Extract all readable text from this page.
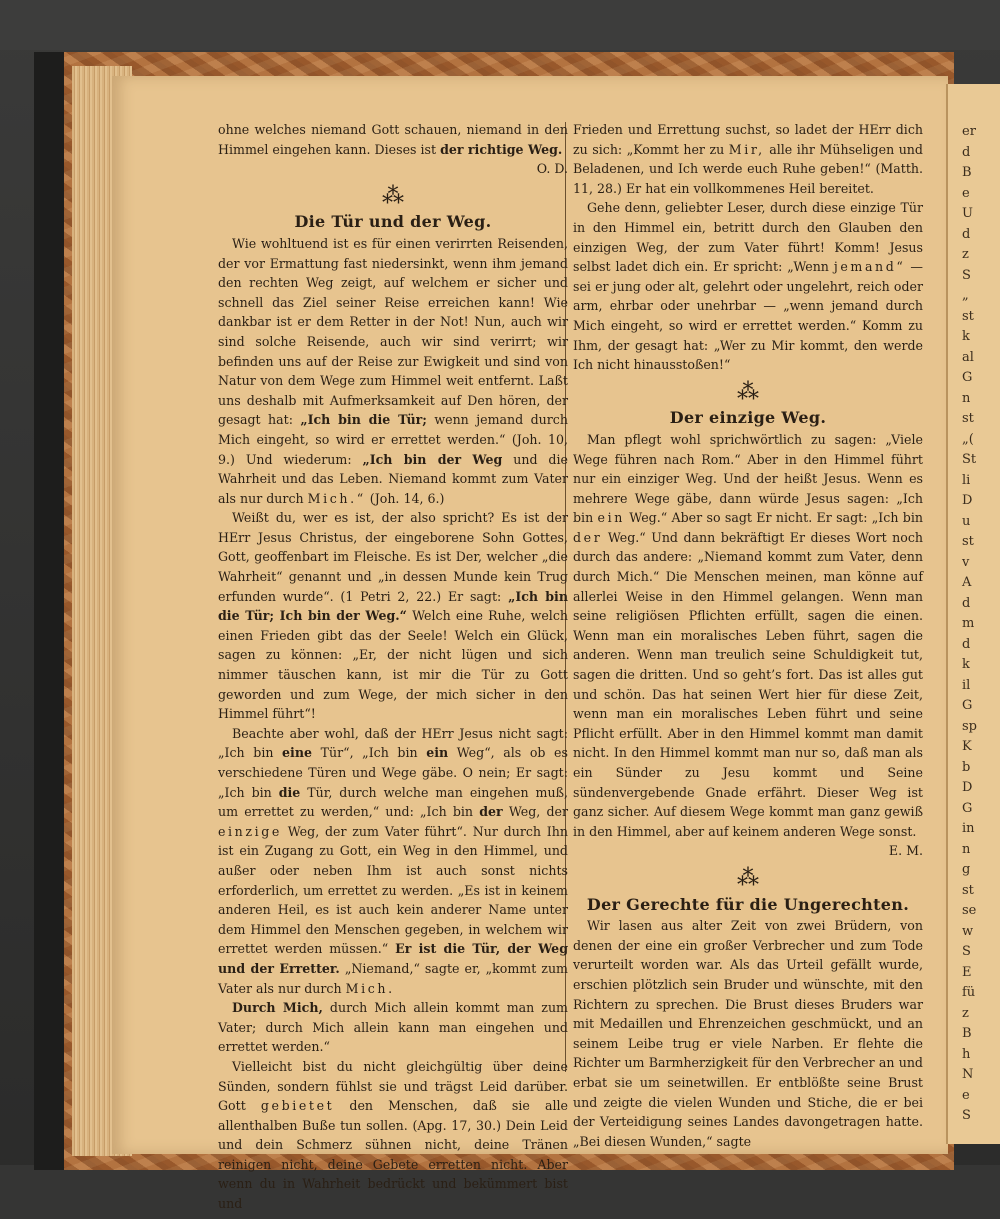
er
d
B
e
U
d
z
S
„
st
k
al
G
n
st
„(
St
li
D
u
st
v
A
d
m
d
k
il
G
sp
K
b
D
G
in
n
g
st
se
w
S
E
fü
z
B
h
N
e
S

ohne welches niemand Gott schauen, niemand in den Himmel eingehen kann. Dieses ist der richtige Weg.

O. D.
⁂
Die Tür und der Weg.

Wie wohltuend ist es für einen verirrten Reisenden, der vor Ermattung fast niedersinkt, wenn ihm jemand den rechten Weg zeigt, auf welchem er sicher und schnell das Ziel seiner Reise erreichen kann! Wie dankbar ist er dem Retter in der Not! Nun, auch wir sind solche Reisende, auch wir sind verirrt; wir befinden uns auf der Reise zur Ewigkeit und sind von Natur von dem Wege zum Himmel weit entfernt. Laßt uns deshalb mit Aufmerksamkeit auf Den hören, der gesagt hat: „Ich bin die Tür; wenn jemand durch Mich eingeht, so wird er errettet werden.“ (Joh. 10, 9.) Und wiederum: „Ich bin der Weg und die Wahrheit und das Leben. Niemand kommt zum Vater als nur durch Mich.“ (Joh. 14, 6.)

Weißt du, wer es ist, der also spricht? Es ist der HErr Jesus Christus, der eingeborene Sohn Gottes, Gott, geoffenbart im Fleische. Es ist Der, welcher „die Wahrheit“ genannt und „in dessen Munde kein Trug erfunden wurde“. (1 Petri 2, 22.) Er sagt: „Ich bin die Tür; Ich bin der Weg.“ Welch eine Ruhe, welch einen Frieden gibt das der Seele! Welch ein Glück, sagen zu können: „Er, der nicht lügen und sich nimmer täuschen kann, ist mir die Tür zu Gott geworden und zum Wege, der mich sicher in den Himmel führt“!

Beachte aber wohl, daß der HErr Jesus nicht sagt: „Ich bin eine Tür“, „Ich bin ein Weg“, als ob es verschiedene Türen und Wege gäbe. O nein; Er sagt: „Ich bin die Tür, durch welche man eingehen muß, um errettet zu werden,“ und: „Ich bin der Weg, der einzige Weg, der zum Vater führt“. Nur durch Ihn ist ein Zugang zu Gott, ein Weg in den Himmel, und außer oder neben Ihm ist auch sonst nichts erforderlich, um errettet zu werden. „Es ist in keinem anderen Heil, es ist auch kein anderer Name unter dem Himmel den Menschen gegeben, in welchem wir errettet werden müssen.“ Er ist die Tür, der Weg und der Erretter. „Niemand,“ sagte er, „kommt zum Vater als nur durch Mich.

Durch Mich, durch Mich allein kommt man zum Vater; durch Mich allein kann man eingehen und errettet werden.“

Vielleicht bist du nicht gleichgültig über deine Sünden, sondern fühlst sie und trägst Leid darüber. Gott gebietet den Menschen, daß sie alle allenthalben Buße tun sollen. (Apg. 17, 30.) Dein Leid und dein Schmerz sühnen nicht, deine Tränen reinigen nicht, deine Gebete erretten nicht. Aber wenn du in Wahrheit bedrückt und bekümmert bist und

Frieden und Errettung suchst, so ladet der HErr dich zu sich: „Kommt her zu Mir, alle ihr Mühseligen und Beladenen, und Ich werde euch Ruhe geben!“ (Matth. 11, 28.) Er hat ein vollkommenes Heil bereitet.

Gehe denn, geliebter Leser, durch diese einzige Tür in den Himmel ein, betritt durch den Glauben den einzigen Weg, der zum Vater führt! Komm! Jesus selbst ladet dich ein. Er spricht: „Wenn jemand“ — sei er jung oder alt, gelehrt oder ungelehrt, reich oder arm, ehrbar oder unehrbar — „wenn jemand durch Mich eingeht, so wird er errettet werden.“ Komm zu Ihm, der gesagt hat: „Wer zu Mir kommt, den werde Ich nicht hinausstoßen!“

⁂
Der einzige Weg.

Man pflegt wohl sprichwörtlich zu sagen: „Viele Wege führen nach Rom.“ Aber in den Himmel führt nur ein einziger Weg. Und der heißt Jesus. Wenn es mehrere Wege gäbe, dann würde Jesus sagen: „Ich bin ein Weg.“ Aber so sagt Er nicht. Er sagt: „Ich bin der Weg.“ Und dann bekräftigt Er dieses Wort noch durch das andere: „Niemand kommt zum Vater, denn durch Mich.“ Die Menschen meinen, man könne auf allerlei Weise in den Himmel gelangen. Wenn man seine religiösen Pflichten erfüllt, sagen die einen. Wenn man ein moralisches Leben führt, sagen die anderen. Wenn man treulich seine Schuldigkeit tut, sagen die dritten. Und so geht’s fort. Das ist alles gut und schön. Das hat seinen Wert hier für diese Zeit, wenn man ein moralisches Leben führt und seine Pflicht erfüllt. Aber in den Himmel kommt man damit nicht. In den Himmel kommt man nur so, daß man als ein Sünder zu Jesu kommt und Seine sündenvergebende Gnade erfährt. Dieser Weg ist ganz sicher. Auf diesem Wege kommt man ganz gewiß in den Himmel, aber auf keinem anderen Wege sonst.

E. M.
⁂
Der Gerechte für die Ungerechten.

Wir lasen aus alter Zeit von zwei Brüdern, von denen der eine ein großer Verbrecher und zum Tode verurteilt worden war. Als das Urteil gefällt wurde, erschien plötzlich sein Bruder und wünschte, mit den Richtern zu sprechen. Die Brust dieses Bruders war mit Medaillen und Ehrenzeichen geschmückt, und an seinem Leibe trug er viele Narben. Er flehte die Richter um Barmherzigkeit für den Verbrecher an und erbat sie um seinetwillen. Er entblößte seine Brust und zeigte die vielen Wunden und Stiche, die er bei der Verteidigung seines Landes davongetragen hatte. „Bei diesen Wunden,“ sagte
